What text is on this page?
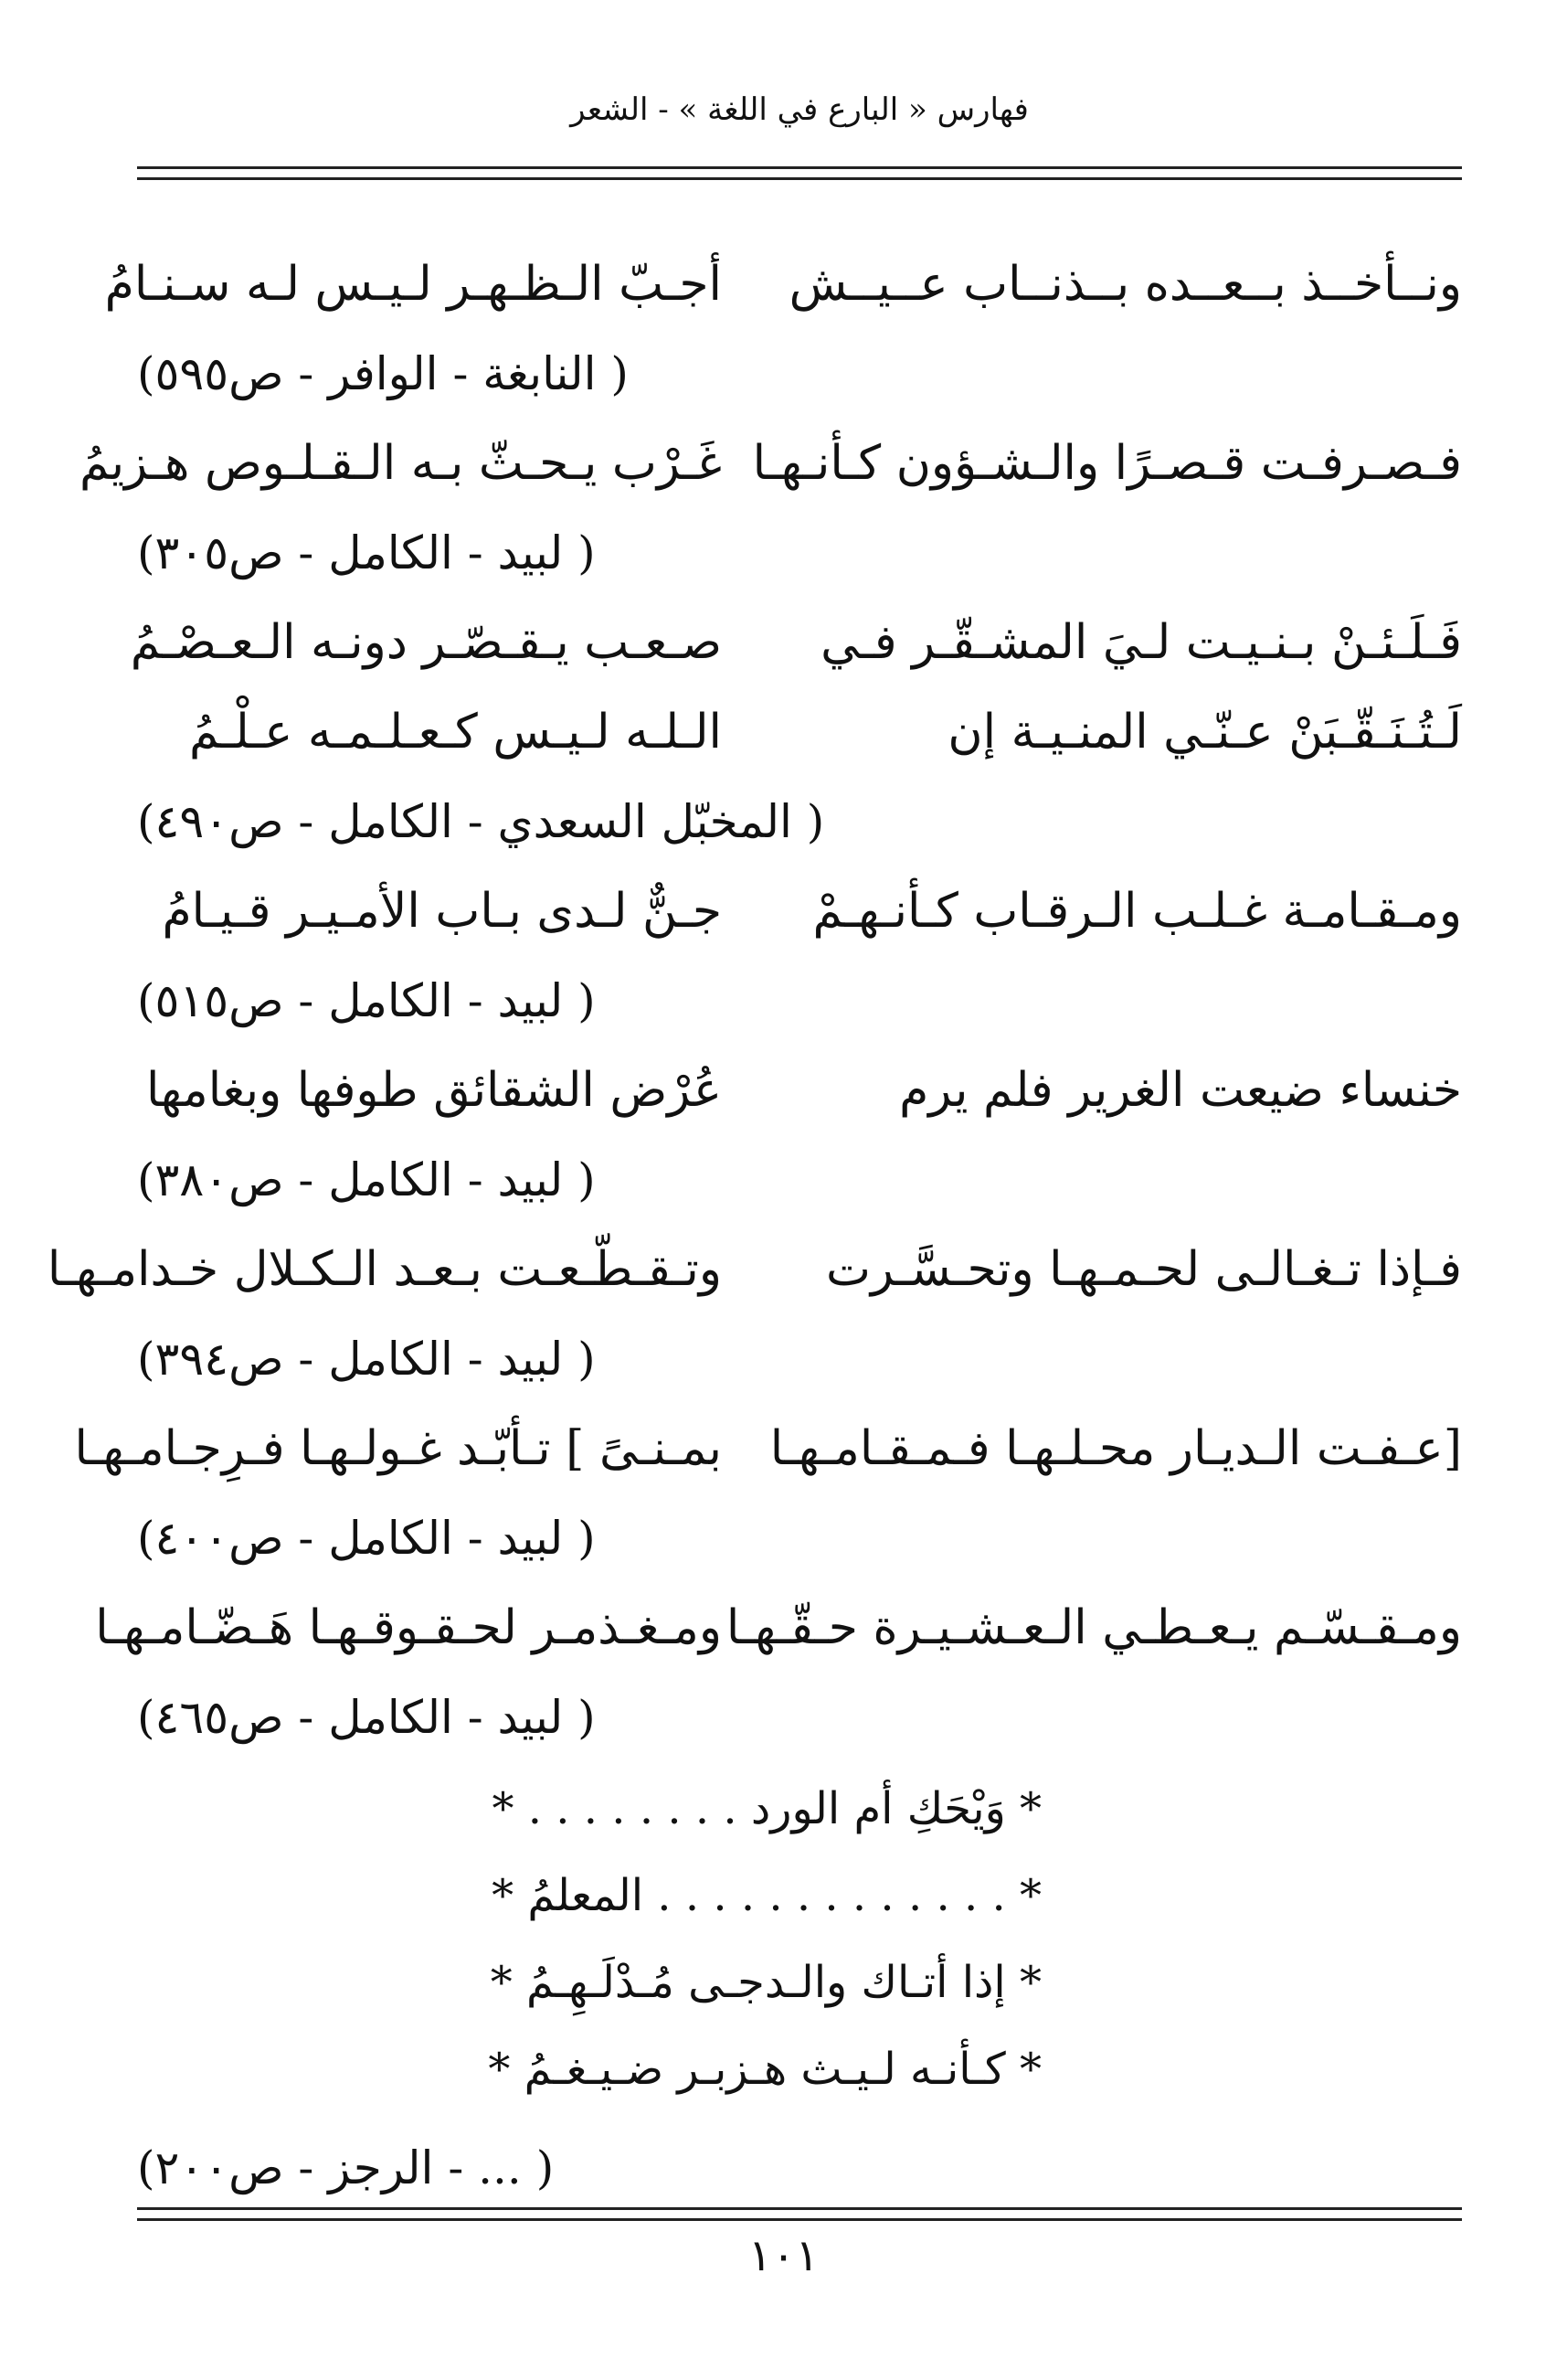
فهارس « البارع في اللغة » - الشعر
ونــأخــذ بــعــده بــذنــاب عــيــش
أجـبّ الـظـهـر لـيـس لـه سـنـامُ
( النابغة - الوافر - ص٥٩٥)
فـصـرفـت قـصـرًا والـشـؤون كـأنـهـا
غَـرْب يـحـثّ بـه الـقـلـوص هـزيمُ
( لبيد - الكامل - ص٣٠٥)
فَـلَـئـنْ بـنـيـت لـيَ المشـقّـر فـي
صـعـب يـقـصّـر دونـه الـعـصْـمُ
لَـتُـنَـقّـبَنْ عـنّـي المنـيـة إن
الـلـه لـيـس كـعـلـمـه عـلْـمُ
( المخبّل السعدي - الكامل - ص٤٩٠)
ومـقـامـة غـلـب الـرقـاب كـأنـهـمْ
جـنٌّ لـدى بـاب الأمـيـر قـيـامُ
( لبيد - الكامل - ص٥١٥)
خنساء ضيعت الغرير فلم يرم
عُرْض الشقائق طوفها وبغامها
( لبيد - الكامل - ص٣٨٠)
فـإذا تـغـالـى لحـمـهـا وتحـسَّـرت
وتـقـطّـعـت بـعـد الـكـلال خـدامـهـا
( لبيد - الكامل - ص٣٩٤)
[عـفـت الـديـار محـلـهـا فـمـقـامـهـا
بمـنـىً ] تـأبّـد غـولـهـا فـرِجـامـهـا
( لبيد - الكامل - ص٤٠٠)
ومـقـسّـم يـعـطـي الـعـشـيـرة حـقّـهـا
ومـغـذمـر لحـقـوقـهـا هَـضّـامـهـا
( لبيد - الكامل - ص٤٦٥)
* وَيْحَكِ أم الورد . . . . . . . . *
* . . . . . . . . . . . . . المعلمُ *
* إذا أتـاك والـدجـى مُـدْلَـهِـمُ *
* كـأنـه لـيـث هـزبـر ضـيـغـمُ *
( ... - الرجز - ص٢٠٠)
١٠١
